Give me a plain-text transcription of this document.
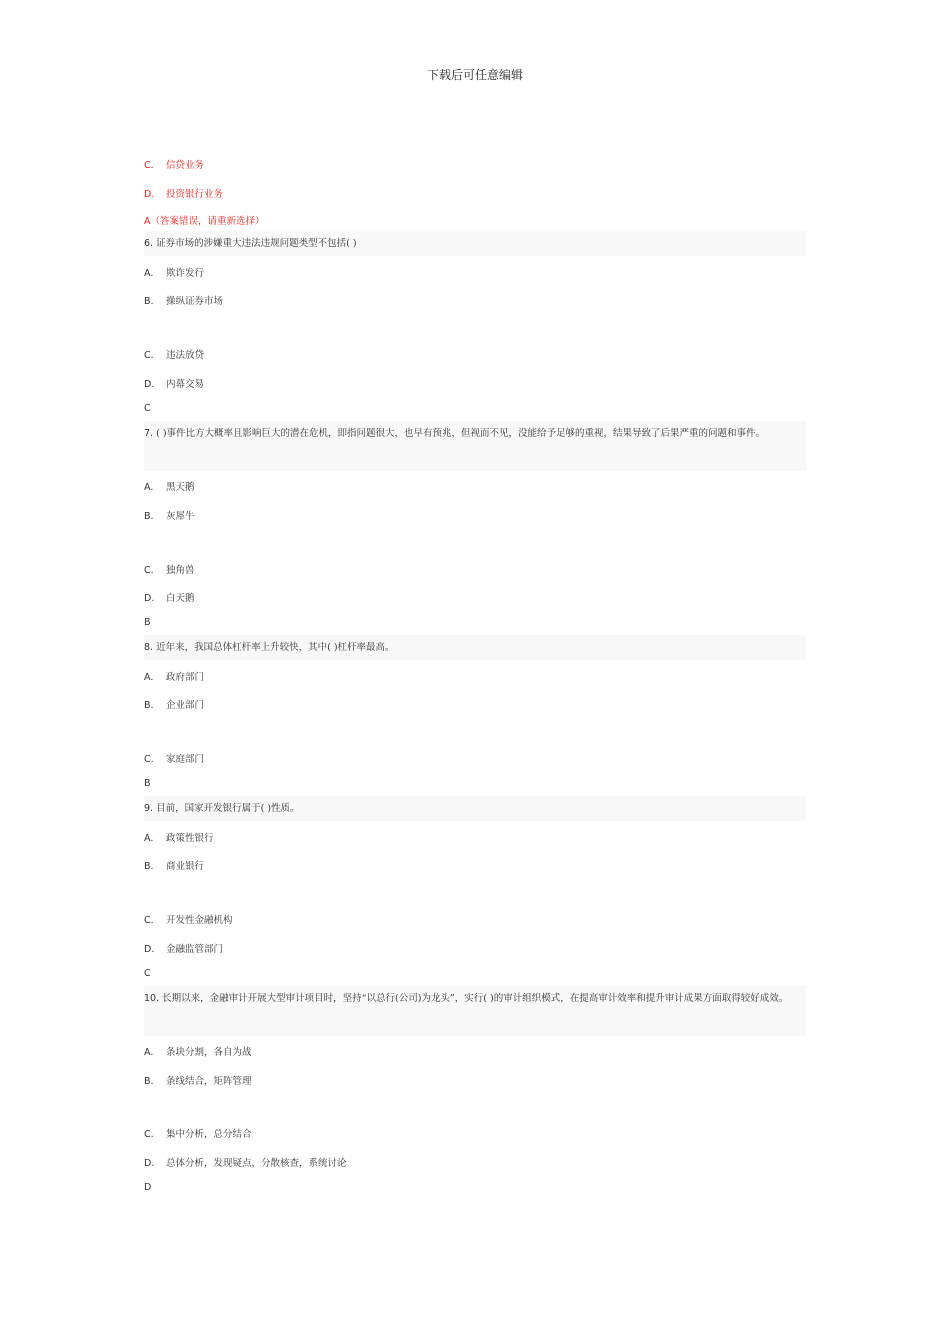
下载后可任意编辑
C. 信贷业务
D. 投资银行业务
A（答案错误，请重新选择）
6. 证券市场的涉嫌重大违法违规问题类型不包括( )
A. 欺诈发行
B. 操纵证券市场
C. 违法放贷
D. 内幕交易
C
7. ( )事件比方大概率且影响巨大的潜在危机，即指问题很大，也早有预兆，但视而不见，没能给予足够的重视，结果导致了后果严重的问题和事件。
A. 黑天鹅
B. 灰犀牛
C. 独角兽
D. 白天鹅
B
8. 近年来，我国总体杠杆率上升较快，其中( )杠杆率最高。
A. 政府部门
B. 企业部门
C. 家庭部门
B
9. 目前，国家开发银行属于( )性质。
A. 政策性银行
B. 商业银行
C. 开发性金融机构
D. 金融监管部门
C
10. 长期以来，金融审计开展大型审计项目时，坚持“以总行(公司)为龙头”，实行( )的审计组织模式，在提高审计效率和提升审计成果方面取得较好成效。
A. 条块分割，各自为战
B. 条线结合，矩阵管理
C. 集中分析，总分结合
D. 总体分析，发现疑点，分散核查，系统讨论
D
